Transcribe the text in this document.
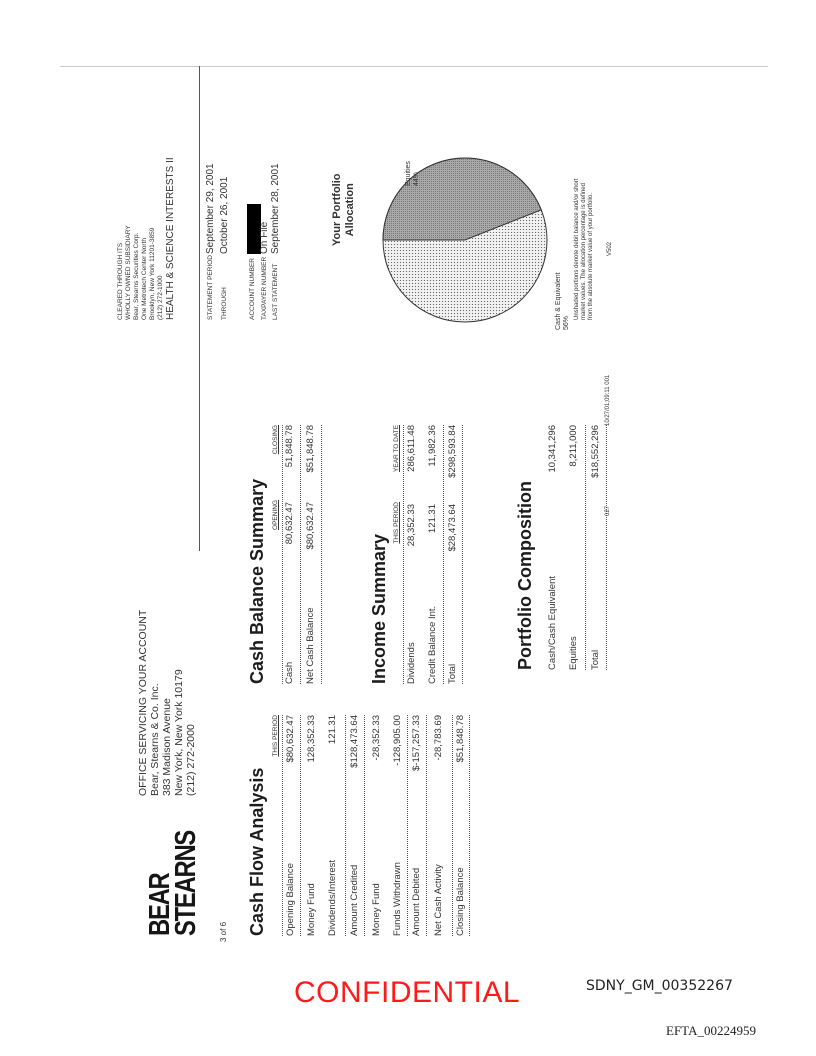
BEAR
STEARNS
OFFICE SERVICING YOUR ACCOUNT Bear, Stearns & Co. Inc. 383 Madison Avenue New York, New York 10179 (212) 272-2000
3 of 6
CLEARED THROUGH ITS WHOLLY OWNED SUBSIDIARY Bear, Stearns Securities Corp. One Metrotech Center North Brooklyn, New York 11201-3859 (212) 272-1000 HEALTH & SCIENCE INTERESTS II	STATEMENT PERIOD
September 29, 2001
THROUGH
October 26, 2001
ACCOUNT NUMBER TAXPAYER NUMBER
On File
LAST STATEMENT
September 28, 2001
Cash Flow Analysis
THIS PERIOD
Opening Balance
$80,632.47
Money Fund
128,352.33
Dividends/Interest
121.31
Amount Credited
$128,473.64
Money Fund
-28,352.33
Funds Withdrawn
-128,905.00
Amount Debited
$-157,257.33
Net Cash Activity
-28,783.69
Closing Balance
$51,848.78
Cash Balance Summary OPENING
CLOSING
Cash
80,632.47
51,848.78
Net Cash Balance
$80,632.47
$51,848.78
Income Summary
THIS PERIOD
YEAR TO DATE
Dividends
28,352.33
286,611.48
Credit Balance Int.
121.31
11,982.36
Total
$28,473.64
$298,593.84
Portfolio Composition Cash/Cash Equivalent
10,341,296
Equities
8,211,000
Total
$18,552,296
Your Portfolio Allocation
Equities 44%
Cash & Equivalent 56%
Unshaded portions denote debit balance and/or short market values. The allocation percentage is defined from the absolute market value of your portfolio. V502
027
10/27/01;09:11 001
CONFIDENTIAL	SDNY_GM_00352267
EFTA_00224959
